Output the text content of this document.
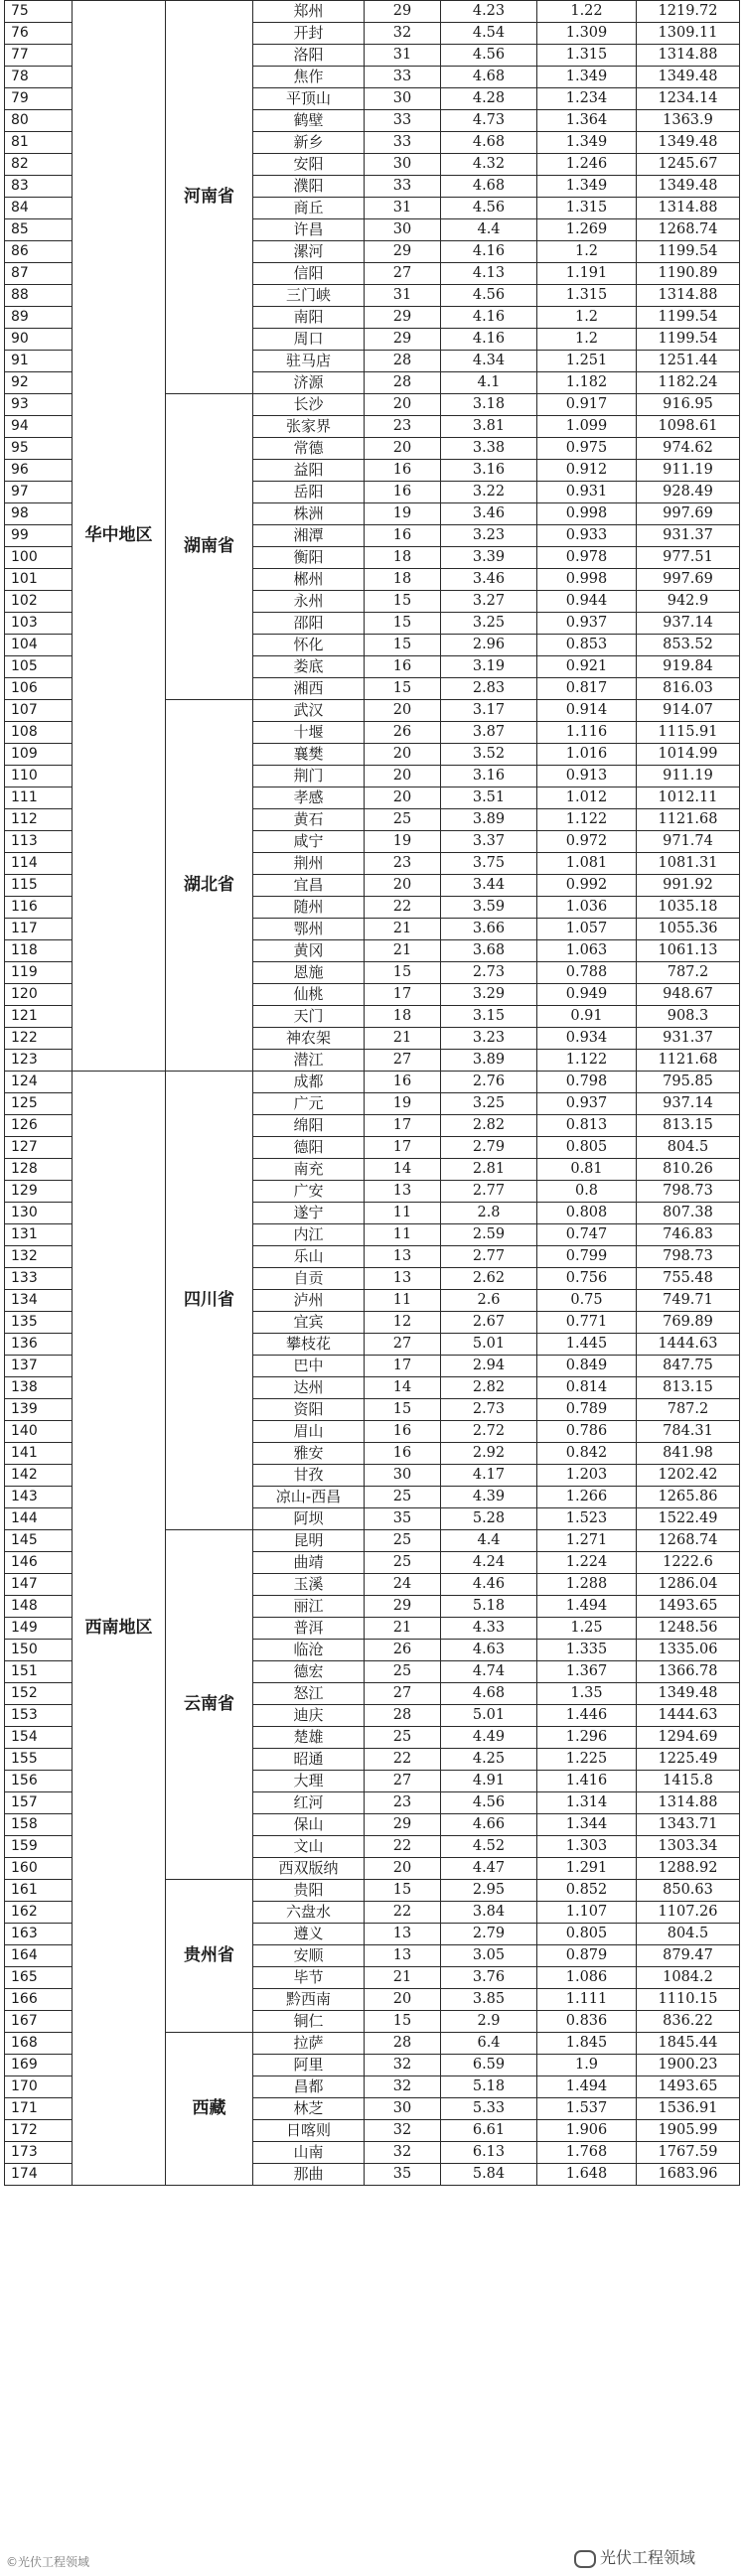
75	华中地区	河南省	郑州	29	4.23	1.22	1219.72
76			开封	32	4.54	1.309	1309.11
77			洛阳	31	4.56	1.315	1314.88
78			焦作	33	4.68	1.349	1349.48
79			平顶山	30	4.28	1.234	1234.14
80			鹤壁	33	4.73	1.364	1363.9
81			新乡	33	4.68	1.349	1349.48
82			安阳	30	4.32	1.246	1245.67
83			濮阳	33	4.68	1.349	1349.48
84			商丘	31	4.56	1.315	1314.88
85			许昌	30	4.4	1.269	1268.74
86			漯河	29	4.16	1.2	1199.54
87			信阳	27	4.13	1.191	1190.89
88			三门峡	31	4.56	1.315	1314.88
89			南阳	29	4.16	1.2	1199.54
90			周口	29	4.16	1.2	1199.54
91			驻马店	28	4.34	1.251	1251.44
92			济源	28	4.1	1.182	1182.24
93		湖南省	长沙	20	3.18	0.917	916.95
94			张家界	23	3.81	1.099	1098.61
95			常德	20	3.38	0.975	974.62
96			益阳	16	3.16	0.912	911.19
97			岳阳	16	3.22	0.931	928.49
98			株洲	19	3.46	0.998	997.69
99			湘潭	16	3.23	0.933	931.37
100			衡阳	18	3.39	0.978	977.51
101			郴州	18	3.46	0.998	997.69
102			永州	15	3.27	0.944	942.9
103			邵阳	15	3.25	0.937	937.14
104			怀化	15	2.96	0.853	853.52
105			娄底	16	3.19	0.921	919.84
106			湘西	15	2.83	0.817	816.03
107		湖北省	武汉	20	3.17	0.914	914.07
108			十堰	26	3.87	1.116	1115.91
109			襄樊	20	3.52	1.016	1014.99
110			荆门	20	3.16	0.913	911.19
111			孝感	20	3.51	1.012	1012.11
112			黄石	25	3.89	1.122	1121.68
113			咸宁	19	3.37	0.972	971.74
114			荆州	23	3.75	1.081	1081.31
115			宜昌	20	3.44	0.992	991.92
116			随州	22	3.59	1.036	1035.18
117			鄂州	21	3.66	1.057	1055.36
118			黄冈	21	3.68	1.063	1061.13
119			恩施	15	2.73	0.788	787.2
120			仙桃	17	3.29	0.949	948.67
121			天门	18	3.15	0.91	908.3
122			神农架	21	3.23	0.934	931.37
123			潜江	27	3.89	1.122	1121.68
124	西南地区	四川省	成都	16	2.76	0.798	795.85
125			广元	19	3.25	0.937	937.14
126			绵阳	17	2.82	0.813	813.15
127			德阳	17	2.79	0.805	804.5
128			南充	14	2.81	0.81	810.26
129			广安	13	2.77	0.8	798.73
130			遂宁	11	2.8	0.808	807.38
131			内江	11	2.59	0.747	746.83
132			乐山	13	2.77	0.799	798.73
133			自贡	13	2.62	0.756	755.48
134			泸州	11	2.6	0.75	749.71
135			宜宾	12	2.67	0.771	769.89
136			攀枝花	27	5.01	1.445	1444.63
137			巴中	17	2.94	0.849	847.75
138			达州	14	2.82	0.814	813.15
139			资阳	15	2.73	0.789	787.2
140			眉山	16	2.72	0.786	784.31
141			雅安	16	2.92	0.842	841.98
142			甘孜	30	4.17	1.203	1202.42
143			凉山-西昌	25	4.39	1.266	1265.86
144			阿坝	35	5.28	1.523	1522.49
145		云南省	昆明	25	4.4	1.271	1268.74
146			曲靖	25	4.24	1.224	1222.6
147			玉溪	24	4.46	1.288	1286.04
148			丽江	29	5.18	1.494	1493.65
149			普洱	21	4.33	1.25	1248.56
150			临沧	26	4.63	1.335	1335.06
151			德宏	25	4.74	1.367	1366.78
152			怒江	27	4.68	1.35	1349.48
153			迪庆	28	5.01	1.446	1444.63
154			楚雄	25	4.49	1.296	1294.69
155			昭通	22	4.25	1.225	1225.49
156			大理	27	4.91	1.416	1415.8
157			红河	23	4.56	1.314	1314.88
158			保山	29	4.66	1.344	1343.71
159			文山	22	4.52	1.303	1303.34
160			西双版纳	20	4.47	1.291	1288.92
161		贵州省	贵阳	15	2.95	0.852	850.63
162			六盘水	22	3.84	1.107	1107.26
163			遵义	13	2.79	0.805	804.5
164			安顺	13	3.05	0.879	879.47
165			毕节	21	3.76	1.086	1084.2
166			黔西南	20	3.85	1.111	1110.15
167			铜仁	15	2.9	0.836	836.22
168		西藏	拉萨	28	6.4	1.845	1845.44
169			阿里	32	6.59	1.9	1900.23
170			昌都	32	5.18	1.494	1493.65
171			林芝	30	5.33	1.537	1536.91
172			日喀则	32	6.61	1.906	1905.99
173			山南	32	6.13	1.768	1767.59
174			那曲	35	5.84	1.648	1683.96
©光伏工程领域	光伏工程领域
